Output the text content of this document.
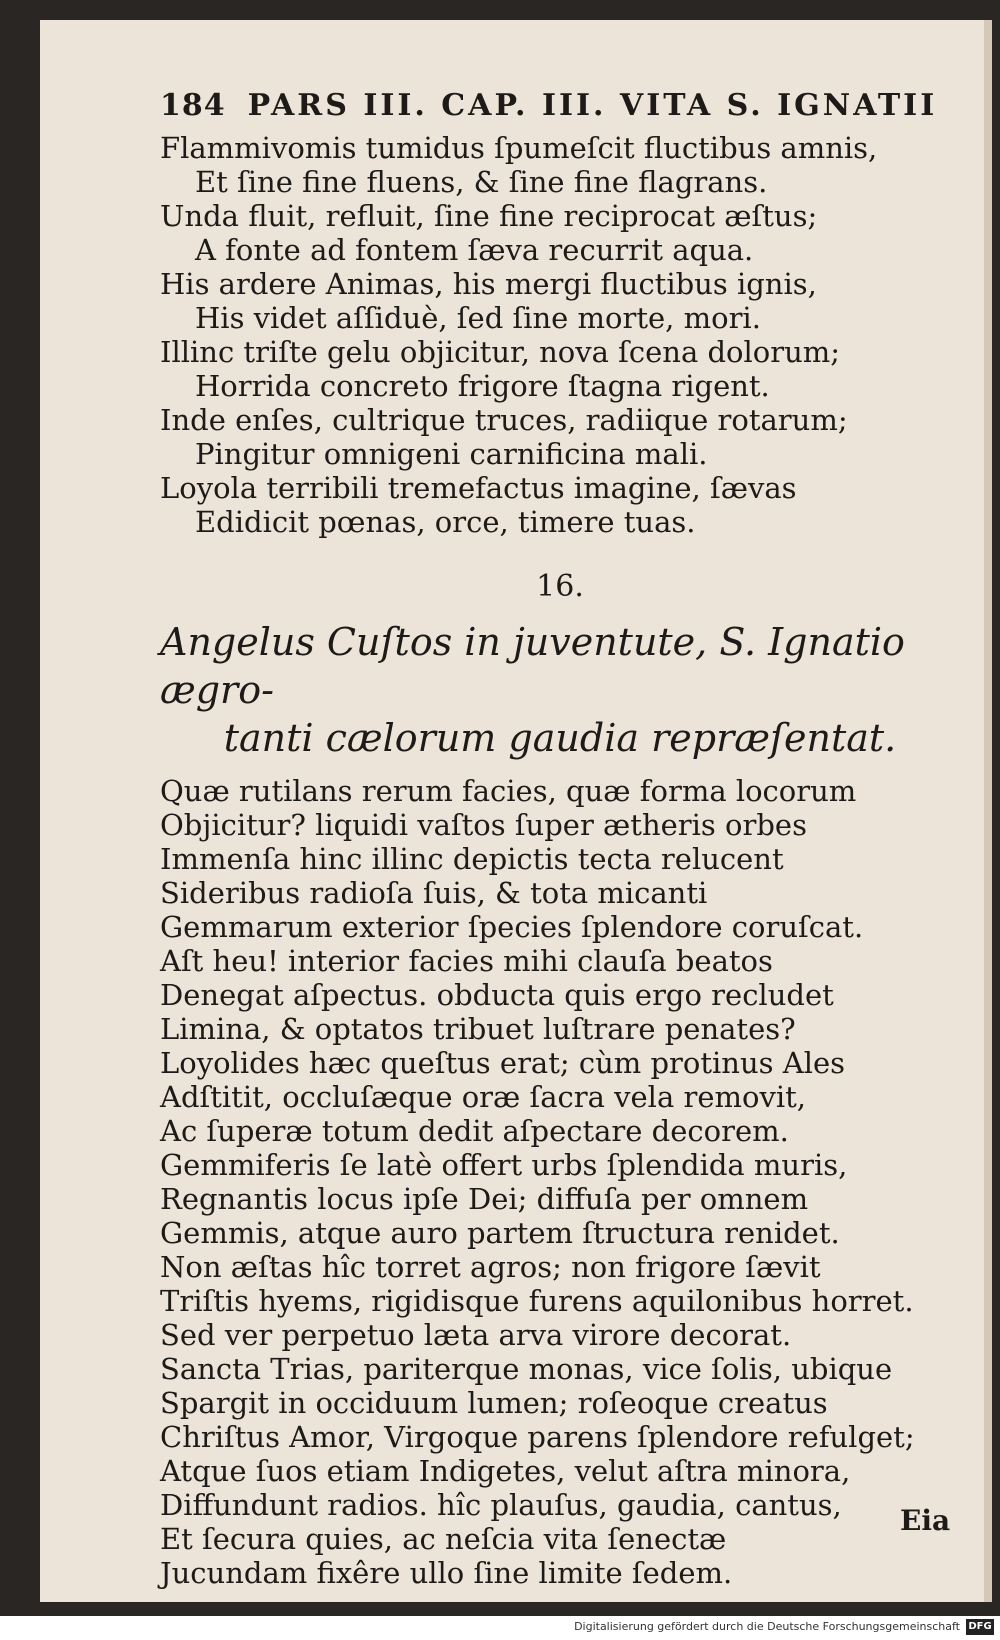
184 PARS III. CAP. III. VITA S. IGNATII
Flammivomis tumidus ſpumeſcit fluctibus amnis,
Et ſine fine fluens, & ſine fine flagrans.
Unda fluit, refluit, ſine fine reciprocat æſtus;
A fonte ad fontem ſæva recurrit aqua.
His ardere Animas, his mergi fluctibus ignis,
His videt aſſiduè, ſed ſine morte, mori.
Illinc triſte gelu objicitur, nova ſcena dolorum;
Horrida concreto frigore ſtagna rigent.
Inde enſes, cultrique truces, radiique rotarum;
Pingitur omnigeni carnificina mali.
Loyola terribili tremefactus imagine, ſævas
Edidicit pœnas, orce, timere tuas.
16.
Angelus Cuſtos in juventute, S. Ignatio ægro-
tanti cælorum gaudia repræſentat.
Quæ rutilans rerum facies, quæ forma locorum
Objicitur? liquidi vaſtos ſuper ætheris orbes
Immenſa hinc illinc depictis tecta relucent
Sideribus radioſa ſuis, & tota micanti
Gemmarum exterior ſpecies ſplendore coruſcat.
Aſt heu! interior facies mihi clauſa beatos
Denegat aſpectus. obducta quis ergo recludet
Limina, & optatos tribuet luſtrare penates?
Loyolides hæc queſtus erat; cùm protinus Ales
Adſtitit, occluſæque oræ ſacra vela removit,
Ac ſuperæ totum dedit aſpectare decorem.
Gemmiferis ſe latè offert urbs ſplendida muris,
Regnantis locus ipſe Dei; diffuſa per omnem
Gemmis, atque auro partem ſtructura renidet.
Non æſtas hîc torret agros; non frigore ſævit
Triſtis hyems, rigidisque furens aquilonibus horret.
Sed ver perpetuo læta arva virore decorat.
Sancta Trias, pariterque monas, vice ſolis, ubique
Spargit in occiduum lumen; roſeoque creatus
Chriſtus Amor, Virgoque parens ſplendore refulget;
Atque ſuos etiam Indigetes, velut aſtra minora,
Diffundunt radios. hîc plauſus, gaudia, cantus,
Et ſecura quies, ac neſcia vita ſenectæ
Jucundam fixêre ullo ſine limite ſedem.
Eia
Digitalisierung gefördert durch die Deutsche Forschungsgemeinschaft DFG
